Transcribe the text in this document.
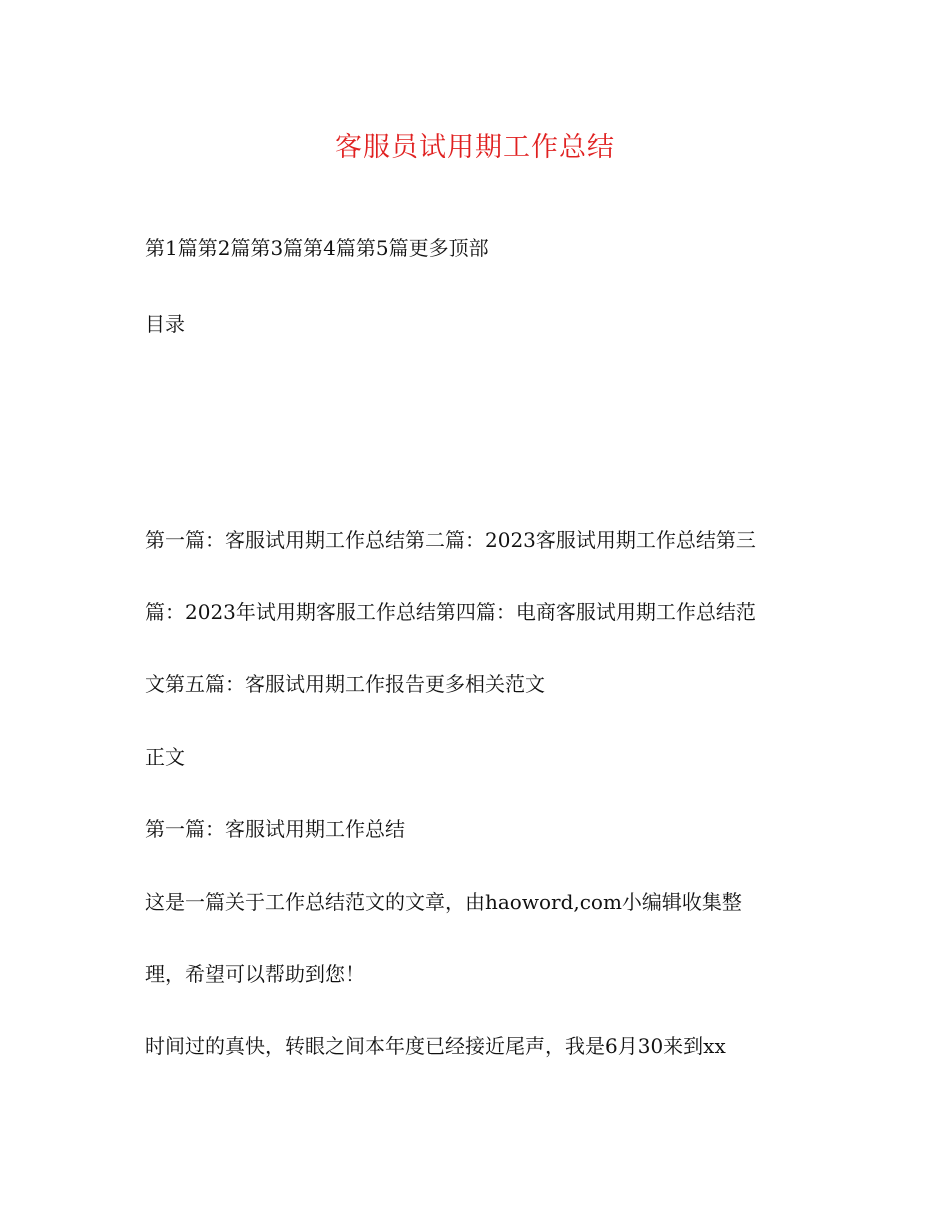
客服员试用期工作总结
第1篇第2篇第3篇第4篇第5篇更多顶部
目录
第一篇：客服试用期工作总结第二篇：2023客服试用期工作总结第三
篇：2023年试用期客服工作总结第四篇：电商客服试用期工作总结范
文第五篇：客服试用期工作报告更多相关范文
正文
第一篇：客服试用期工作总结
这是一篇关于工作总结范文的文章，由haoword,com小编辑收集整
理，希望可以帮助到您！
时间过的真快，转眼之间本年度已经接近尾声，我是6月30来到xx
